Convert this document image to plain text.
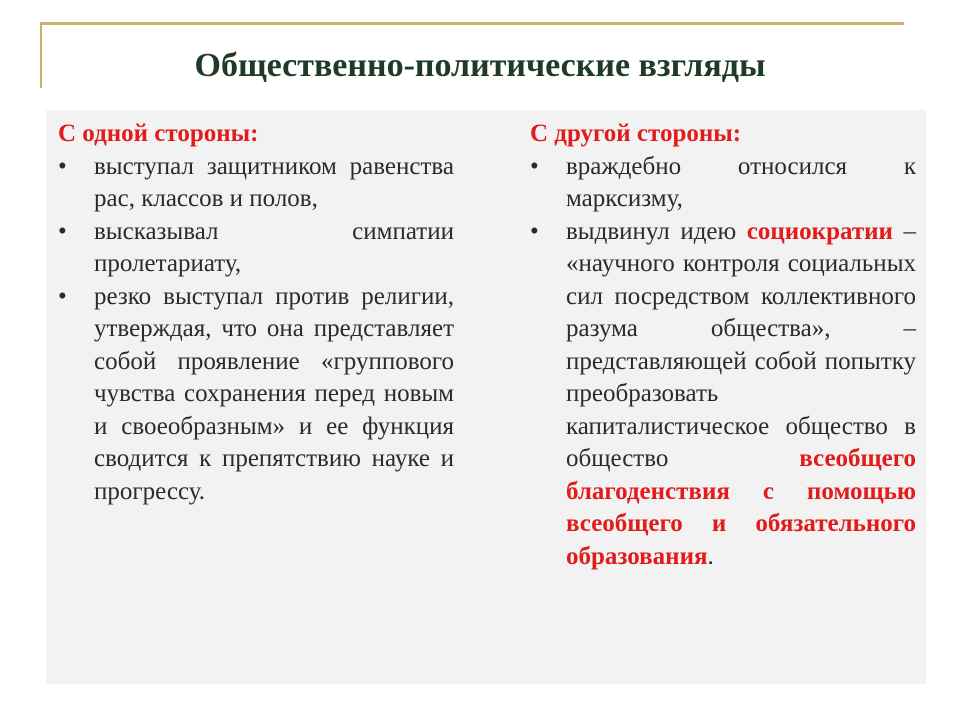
Общественно-политические взгляды

С одной стороны:

• выступал защитником равенства рас, классов и полов,
• высказывал симпатии пролетариату,
• резко выступал против религии, утверждая, что она представляет собой проявление «группового чувства сохранения перед новым и своеобразным» и ее функция сводится к препятствию науке и прогрессу.

С другой стороны:

• враждебно относился к марксизму,
• выдвинул идею социократии – «научного контроля социальных сил посредством коллективного разума общества», – представляющей собой попытку преобразовать капиталистическое общество в общество всеобщего благоденствия с помощью всеобщего и обязательного образования.
